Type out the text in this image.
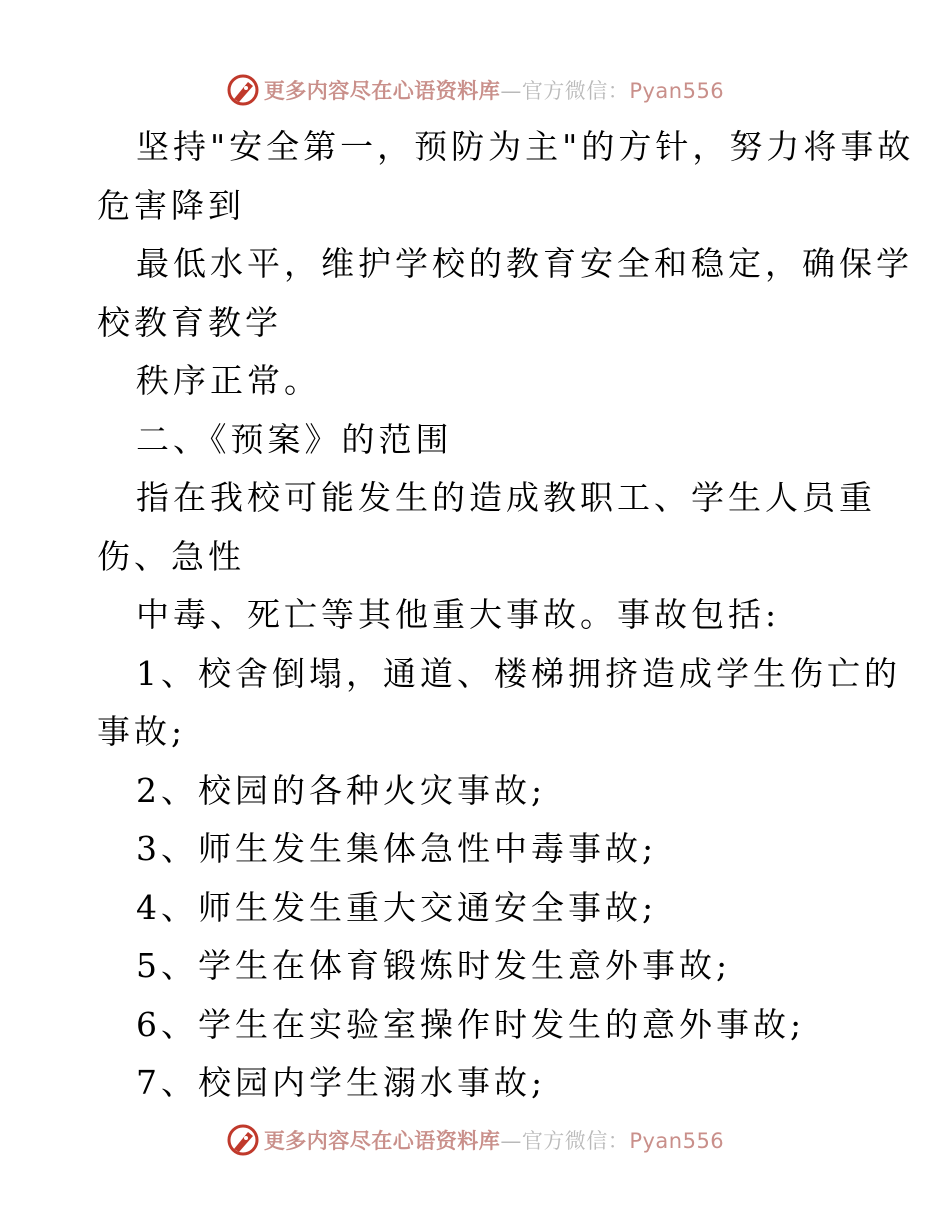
更多内容尽在心语资料库—官方微信：Pyan556
坚持"安全第一，预防为主"的方针，努力将事故
危害降到
最低水平，维护学校的教育安全和稳定，确保学
校教育教学
秩序正常。
二、《预案》的范围
指在我校可能发生的造成教职工、学生人员重
伤、急性
中毒、死亡等其他重大事故。事故包括:
1、校舍倒塌，通道、楼梯拥挤造成学生伤亡的
事故;
2、校园的各种火灾事故;
3、师生发生集体急性中毒事故;
4、师生发生重大交通安全事故;
5、学生在体育锻炼时发生意外事故;
6、学生在实验室操作时发生的意外事故;
7、校园内学生溺水事故;
更多内容尽在心语资料库—官方微信：Pyan556
